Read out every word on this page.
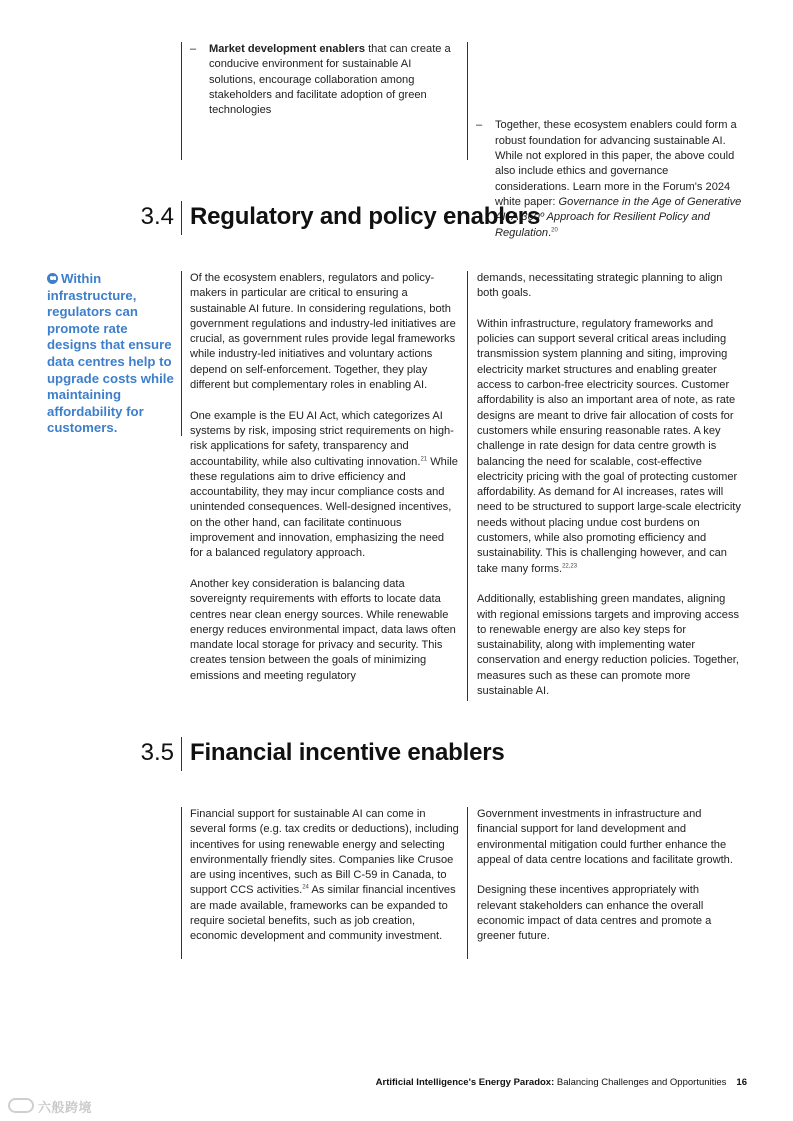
– Market development enablers that can create a conducive environment for sustainable AI solutions, encourage collaboration among stakeholders and facilitate adoption of green technologies
– Together, these ecosystem enablers could form a robust foundation for advancing sustainable AI. While not explored in this paper, the above could also include ethics and governance considerations. Learn more in the Forum's 2024 white paper: Governance in the Age of Generative AI: A 360º Approach for Resilient Policy and Regulation.$^{20}$
3.4 Regulatory and policy enablers
Within infrastructure, regulators can promote rate designs that ensure data centres help to upgrade costs while maintaining affordability for customers.

Of the ecosystem enablers, regulators and policy-makers in particular are critical to ensuring a sustainable AI future. In considering regulations, both government regulations and industry-led initiatives are crucial, as government rules provide legal frameworks while industry-led initiatives and voluntary actions depend on self-enforcement. Together, they play different but complementary roles in enabling AI.

One example is the EU AI Act, which categorizes AI systems by risk, imposing strict requirements on high-risk applications for safety, transparency and accountability, while also cultivating innovation.$^{21}$ While these regulations aim to drive efficiency and accountability, they may incur compliance costs and unintended consequences. Well-designed incentives, on the other hand, can facilitate continuous improvement and innovation, emphasizing the need for a balanced regulatory approach.

Another key consideration is balancing data sovereignty requirements with efforts to locate data centres near clean energy sources. While renewable energy reduces environmental impact, data laws often mandate local storage for privacy and security. This creates tension between the goals of minimizing emissions and meeting regulatory

demands, necessitating strategic planning to align both goals.

Within infrastructure, regulatory frameworks and policies can support several critical areas including transmission system planning and siting, improving electricity market structures and enabling greater access to carbon-free electricity sources. Customer affordability is also an important area of note, as rate designs are meant to drive fair allocation of costs for customers while ensuring reasonable rates. A key challenge in rate design for data centre growth is balancing the need for scalable, cost-effective electricity pricing with the goal of protecting customer affordability. As demand for AI increases, rates will need to be structured to support large-scale electricity needs without placing undue cost burdens on customers, while also promoting efficiency and sustainability. This is challenging however, and can take many forms.$^{22,23}$

Additionally, establishing green mandates, aligning with regional emissions targets and improving access to renewable energy are also key steps for sustainability, along with implementing water conservation and energy reduction policies. Together, measures such as these can promote more sustainable AI.

3.5 Financial incentive enablers

Financial support for sustainable AI can come in several forms (e.g. tax credits or deductions), including incentives for using renewable energy and selecting environmentally friendly sites. Companies like Crusoe are using incentives, such as Bill C-59 in Canada, to support CCS activities.$^{24}$ As similar financial incentives are made available, frameworks can be expanded to require societal benefits, such as job creation, economic development and community investment.

Government investments in infrastructure and financial support for land development and environmental mitigation could further enhance the appeal of data centre locations and facilitate growth.

Designing these incentives appropriately with relevant stakeholders can enhance the overall economic impact of data centres and promote a greener future.

Artificial Intelligence's Energy Paradox: Balancing Challenges and Opportunities 16
六般跨境
